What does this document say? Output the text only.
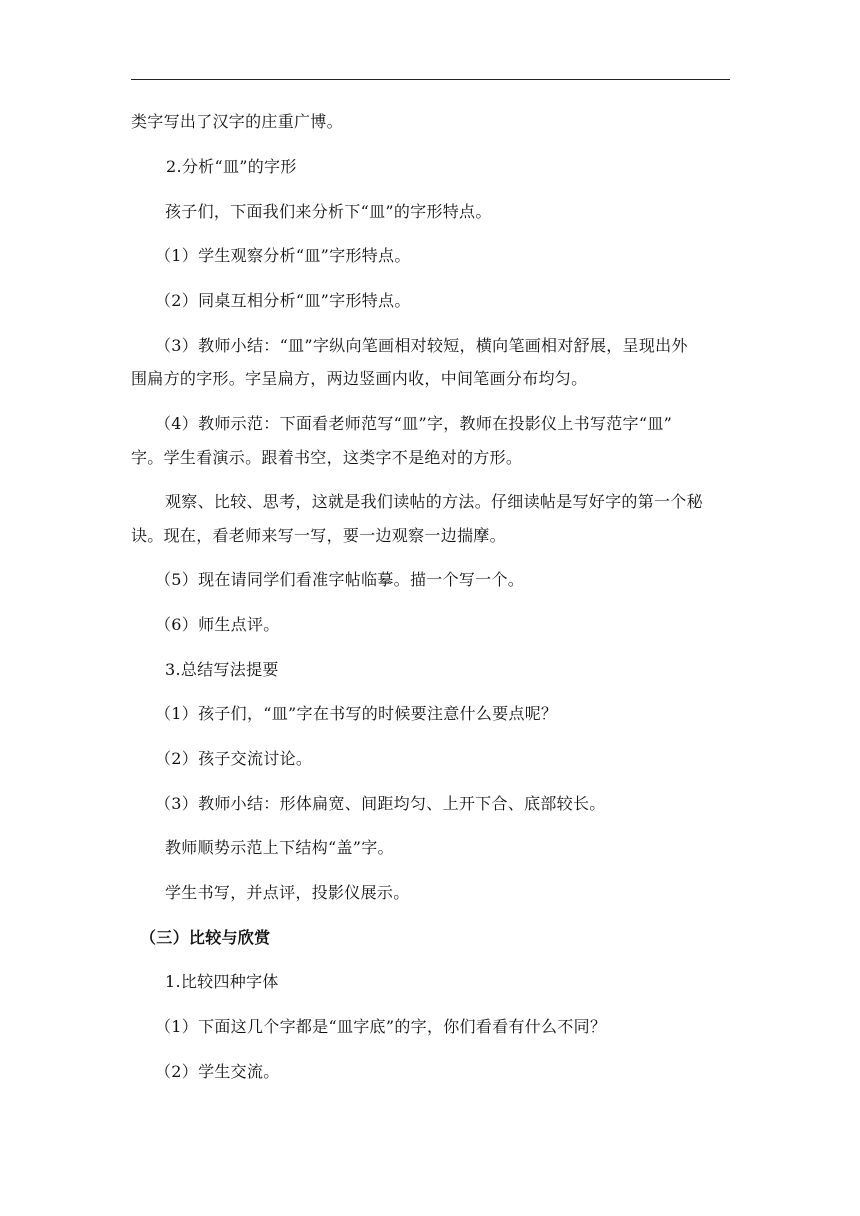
类字写出了汉字的庄重广博。
2.分析“皿”的字形
孩子们，下面我们来分析下“皿”的字形特点。
（1）学生观察分析“皿”字形特点。
（2）同桌互相分析“皿”字形特点。
（3）教师小结：“皿”字纵向笔画相对较短，横向笔画相对舒展，呈现出外
围扁方的字形。字呈扁方，两边竖画内收，中间笔画分布均匀。
（4）教师示范：下面看老师范写“皿”字，教师在投影仪上书写范字“皿”
字。学生看演示。跟着书空，这类字不是绝对的方形。
观察、比较、思考，这就是我们读帖的方法。仔细读帖是写好字的第一个秘
诀。现在，看老师来写一写，要一边观察一边揣摩。
（5）现在请同学们看准字帖临摹。描一个写一个。
（6）师生点评。
3.总结写法提要
（1）孩子们，“皿”字在书写的时候要注意什么要点呢？
（2）孩子交流讨论。
（3）教师小结：形体扁宽、间距均匀、上开下合、底部较长。
教师顺势示范上下结构“盖”字。
学生书写，并点评，投影仪展示。
（三）比较与欣赏
1.比较四种字体
（1）下面这几个字都是“皿字底”的字，你们看看有什么不同？
（2）学生交流。
